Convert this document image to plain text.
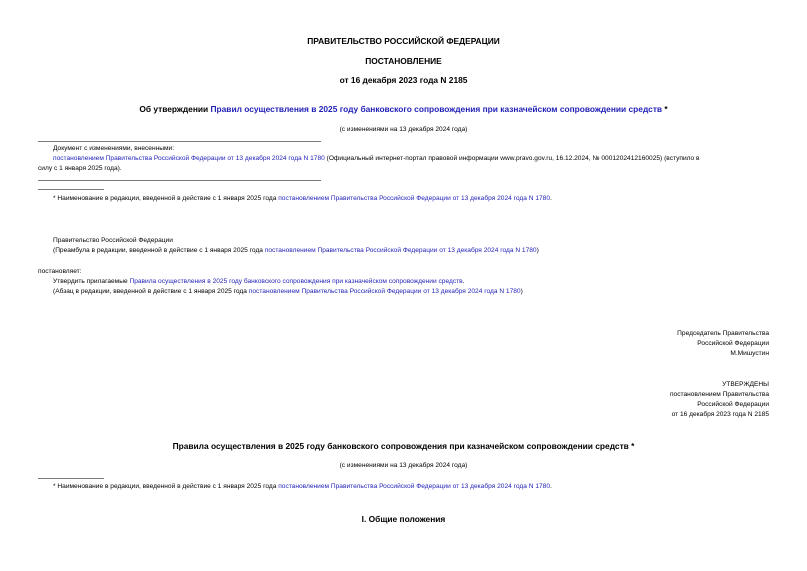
ПРАВИТЕЛЬСТВО РОССИЙСКОЙ ФЕДЕРАЦИИ
ПОСТАНОВЛЕНИЕ
от 16 декабря 2023 года N 2185
Об утверждении Правил осуществления в 2025 году банковского сопровождения при казначейском сопровождении средств *
(с изменениями на 13 декабря 2024 года)
Документ с изменениями, внесенными:
постановлением Правительства Российской Федерации от 13 декабря 2024 года N 1780 (Официальный интернет-портал правовой информации www.pravo.gov.ru, 16.12.2024, № 0001202412160025) (вступило в
силу с 1 января 2025 года).
* Наименование в редакции, введенной в действие с 1 января 2025 года постановлением Правительства Российской Федерации от 13 декабря 2024 года N 1780.
Правительство Российской Федерации
(Преамбула в редакции, введенной в действие с 1 января 2025 года постановлением Правительства Российской Федерации от 13 декабря 2024 года N 1780)
постановляет:
Утвердить прилагаемые Правила осуществления в 2025 году банковского сопровождения при казначейском сопровождении средств.
(Абзац в редакции, введенной в действие с 1 января 2025 года постановлением Правительства Российской Федерации от 13 декабря 2024 года N 1780)
Председатель Правительства
Российской Федерации
М.Мишустин
УТВЕРЖДЕНЫ
постановлением Правительства
Российской Федерации
от 16 декабря 2023 года N 2185
Правила осуществления в 2025 году банковского сопровождения при казначейском сопровождении средств *
(с изменениями на 13 декабря 2024 года)
* Наименование в редакции, введенной в действие с 1 января 2025 года постановлением Правительства Российской Федерации от 13 декабря 2024 года N 1780.
I. Общие положения
